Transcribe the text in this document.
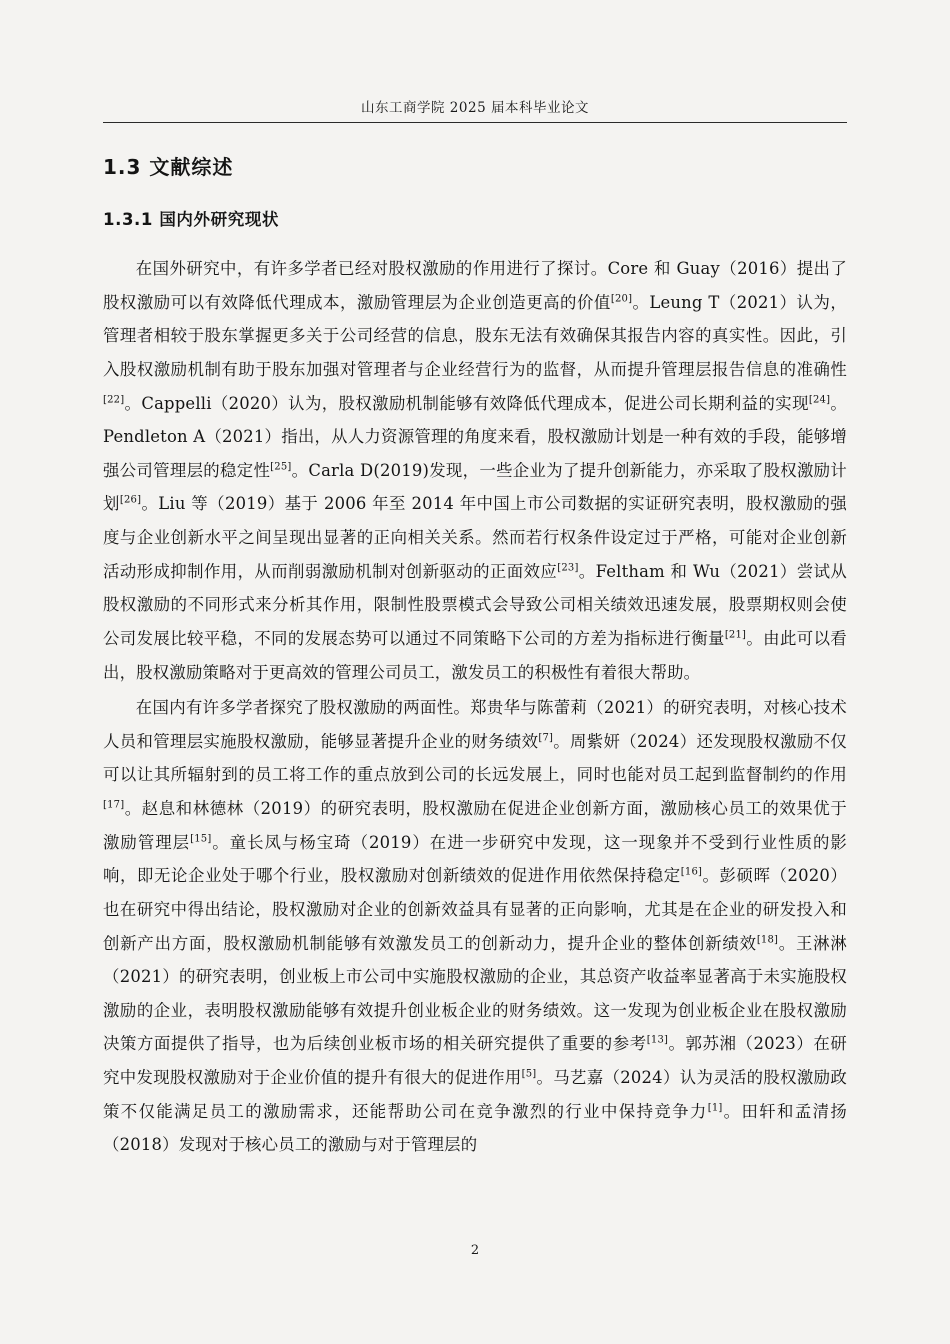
山东工商学院 2025 届本科毕业论文
1.3 文献综述
1.3.1 国内外研究现状

在国外研究中，有许多学者已经对股权激励的作用进行了探讨。Core 和 Guay（2016）提出了股权激励可以有效降低代理成本，激励管理层为企业创造更高的价值[20]。Leung T（2021）认为，管理者相较于股东掌握更多关于公司经营的信息，股东无法有效确保其报告内容的真实性。因此，引入股权激励机制有助于股东加强对管理者与企业经营行为的监督，从而提升管理层报告信息的准确性[22]。Cappelli（2020）认为，股权激励机制能够有效降低代理成本，促进公司长期利益的实现[24]。Pendleton A（2021）指出，从人力资源管理的角度来看，股权激励计划是一种有效的手段，能够增强公司管理层的稳定性[25]。Carla D(2019)发现，一些企业为了提升创新能力，亦采取了股权激励计划[26]。Liu 等（2019）基于 2006 年至 2014 年中国上市公司数据的实证研究表明，股权激励的强度与企业创新水平之间呈现出显著的正向相关关系。然而若行权条件设定过于严格，可能对企业创新活动形成抑制作用，从而削弱激励机制对创新驱动的正面效应[23]。Feltham 和 Wu（2021）尝试从股权激励的不同形式来分析其作用，限制性股票模式会导致公司相关绩效迅速发展，股票期权则会使公司发展比较平稳，不同的发展态势可以通过不同策略下公司的方差为指标进行衡量[21]。由此可以看出，股权激励策略对于更高效的管理公司员工，激发员工的积极性有着很大帮助。

在国内有许多学者探究了股权激励的两面性。郑贵华与陈蕾莉（2021）的研究表明，对核心技术人员和管理层实施股权激励，能够显著提升企业的财务绩效[7]。周紫妍（2024）还发现股权激励不仅可以让其所辐射到的员工将工作的重点放到公司的长远发展上，同时也能对员工起到监督制约的作用[17]。赵息和林德林（2019）的研究表明，股权激励在促进企业创新方面，激励核心员工的效果优于激励管理层[15]。童长凤与杨宝琦（2019）在进一步研究中发现，这一现象并不受到行业性质的影响，即无论企业处于哪个行业，股权激励对创新绩效的促进作用依然保持稳定[16]。彭硕晖（2020）也在研究中得出结论，股权激励对企业的创新效益具有显著的正向影响，尤其是在企业的研发投入和创新产出方面，股权激励机制能够有效激发员工的创新动力，提升企业的整体创新绩效[18]。王淋淋（2021）的研究表明，创业板上市公司中实施股权激励的企业，其总资产收益率显著高于未实施股权激励的企业，表明股权激励能够有效提升创业板企业的财务绩效。这一发现为创业板企业在股权激励决策方面提供了指导，也为后续创业板市场的相关研究提供了重要的参考[13]。郭苏湘（2023）在研究中发现股权激励对于企业价值的提升有很大的促进作用[5]。马艺嘉（2024）认为灵活的股权激励政策不仅能满足员工的激励需求，还能帮助公司在竞争激烈的行业中保持竞争力[1]。田轩和孟清扬（2018）发现对于核心员工的激励与对于管理层的

2
